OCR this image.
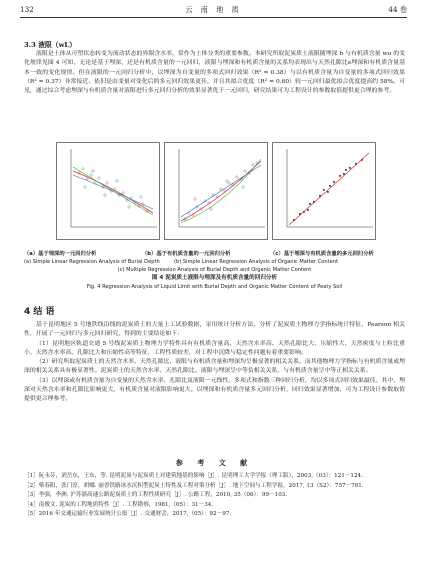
132	云 南 地 质	44 卷
3.3 液限（wL）
液限是土体从可塑状态转变为流动状态的界限含水率，常作为土体分类的重要参数。本研究所取泥炭质土液限随埋深 h 与有机质含量 wu 的变化规律见图 4 可知，无论是基于埋深，还是有机质含量的一元回归，液限与埋深和有机质含量的关系均表现出与天然孔隙比e埋深和有机质含量基本一致的变化规律。但在液限的一元回归分析中，以埋深为自变量的多项式回归效果（R² = 0.38）与以有机质含量为自变量的多项式回归效果（R² = 0.37）非常接近。依旧是由变量对变化后的多元回归效果更佳，并且其拟合优度（R² = 0.60）较一元回归最优拟合优度提高约 58%。可见，通过综合考虑埋深与有机质含量对液限进行多元回归分析的效果显著优于一元回归，研究结果可为工程设计的参数取值提供更合理的参考。
（a）基于埋深的一元回归分析	（b）基于有机质含量的一元回归分析	（c）基于埋深与有机质含量的多元回归分析
(a) Simple Linear Regression Analysis of Burial Depth	(b) Simple Linear Regression Analysis of Organic Matter Content
(c) Multiple Regression Analysis of Burial Depth and Organic Matter Content
图 4 泥炭质土液限与埋深及有机质含量的回归分析
Fig. 4 Regression Analysis of Liquid Limit with Burial Depth and Organic Matter Content of Peaty Soil
4 结 语
基于昆明地区 5 号地铁线沿线的泥炭质土的大量土工试验数据，采用统计分析方法，分析了泥炭质土物理力学指标统计特征，Pearson 相关性，开展了一元回归与多元回归研究，得到的主要结论如下：
（1）昆明地区轨道交通 5 号线泥炭质土物理力学特性具有有机质含量高、天然含水率高、天然孔隙比大、压缩性大、天然密度与土粒比重小、天然含水率高、孔隙比大和压缩性高等特征，工程性质较差，对工程中沉降与稳定性问题有着重要影响。
（2）研究所取泥炭质土的天然含水率、天然孔隙比、液限与有机质含量和埋深均呈极显著的相关关系，而其他物理力学指标与有机质含量或埋深的相关关系具有极显著性。泥炭质土的天然含水率、天然孔隙比、液限与埋深呈中等负相关关系，与有机质含量呈中等正相关关系。
（3）以埋深或有机质含量为自变量的天然含水率、孔隙比及液限一元线性、多项式和指数三种回归分析，均以多项式回归效果最佳。其中，埋深对天然含水率和孔隙比影响更大，有机质含量对液限影响更大。以埋深和有机质含量多元回归分析，回归效果显著增加，可为工程设计参数取值提供更合理参考。
参 考 文 献
［1］阮永芬，刘岳东，王东，等. 昆明泥炭与泥炭质土对建筑地基的影响［J］. 昆明理工大学学报（理工版），2003,（03）：121－124.
［2］柴春阳，张门淳，胡娜. 丽香铁路冰水沉积型泥炭土特性及工程对策分析［J］. 地下空间与工程学报，2017, 13（S2）：757－761.
［3］李强，李洲. 沪苏浙高速公路泥炭质土的工程性质研究［J］. 公路工程，2010, 35（06）：99－103.
［4］南俊文. 泥炭的工程地质特性［J］. 工程勘察，1981,（05）：31－34.
［5］2016 年交通运输行业发展统计公报［J］. 交通财会，2017,（05）：92－97.
